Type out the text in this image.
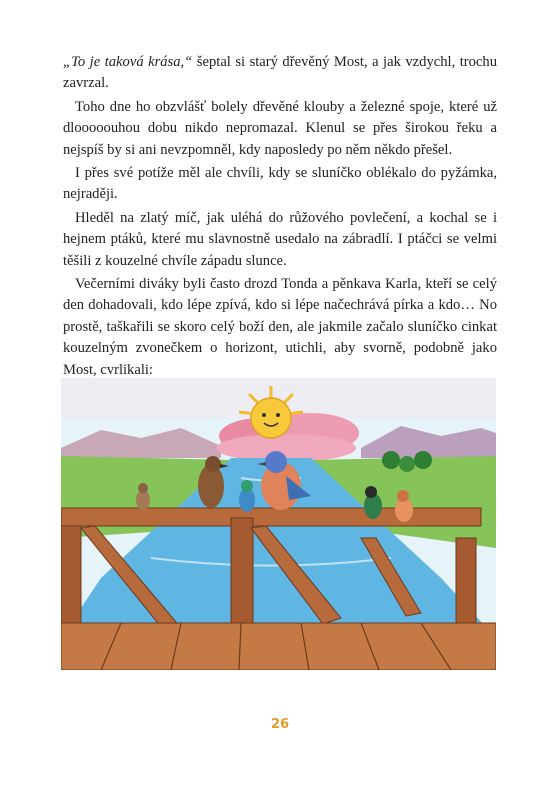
„To je taková krása,“ šeptal si starý dřevěný Most, a jak vzdychl, trochu zavrzal.

Toho dne ho obzvlášť bolely dřevěné klouby a železné spoje, které už dlooooouhou dobu nikdo nepromazal. Klenul se přes širokou řeku a nejspíš by si ani nevzpomněl, kdy naposledy po něm někdo přešel.

I přes své potíže měl ale chvíli, kdy se sluníčko oblékalo do pyžámka, nejraději.

Hleděl na zlatý míč, jak uléhá do růžového povlečení, a kochal se i hejnem ptáků, které mu slavnostně usedalo na zábradlí. I ptáčci se velmi těšili z kouzelné chvíle západu slunce.

Večerními diváky byli často drozd Tonda a pěnkava Karla, kteří se celý den dohadovali, kdo lépe zpívá, kdo si lépe načechrává pírka a kdo… No prostě, taškařili se skoro celý boží den, ale jakmile začalo sluníčko cinkat kouzelným zvonečkem o horizont, utichli, aby svorně, podobně jako Most, cvrlikali:

26
